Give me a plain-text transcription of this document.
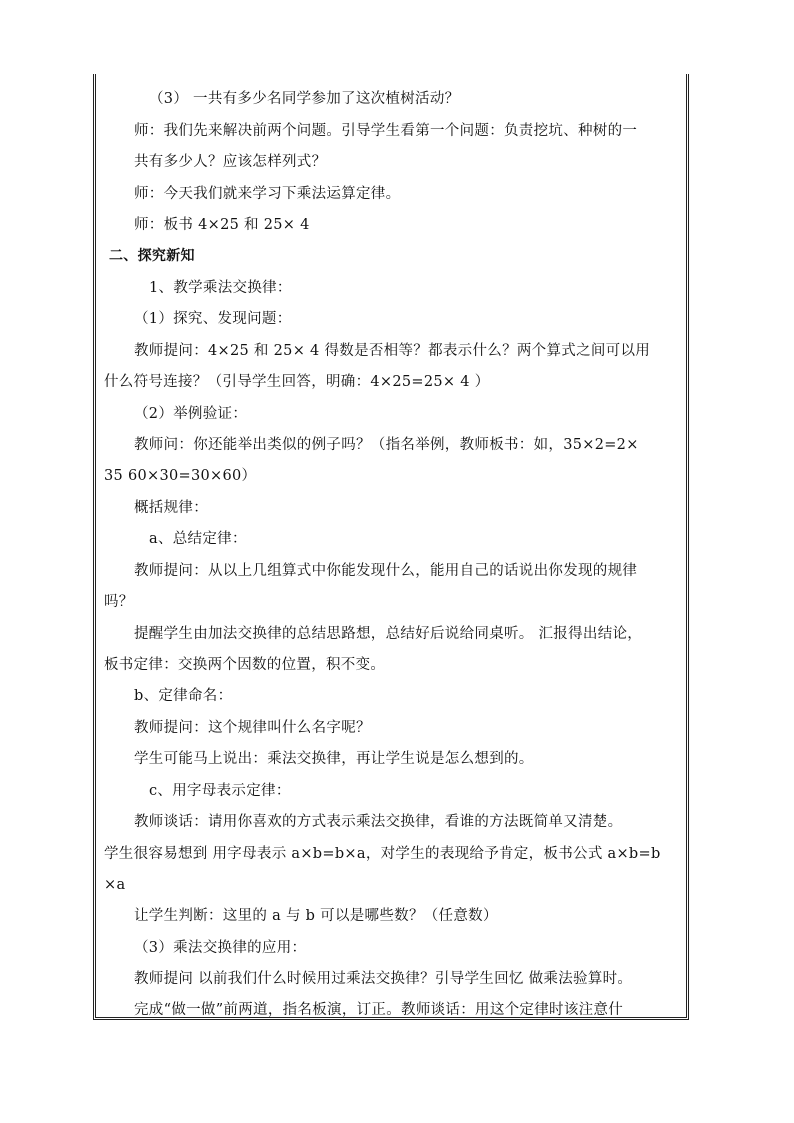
（3） 一共有多少名同学参加了这次植树活动？
师：我们先来解决前两个问题。引导学生看第一个问题：负责挖坑、种树的一
共有多少人？应该怎样列式？
师：今天我们就来学习下乘法运算定律。
师：板书 4×25 和 25× 4
二、探究新知
1、教学乘法交换律：
（1）探究、发现问题：
教师提问：4×25 和 25× 4 得数是否相等？都表示什么？两个算式之间可以用
什么符号连接？（引导学生回答，明确：4×25=25× 4 ）
（2）举例验证：
教师问：你还能举出类似的例子吗？（指名举例，教师板书：如，35×2=2×
35 60×30=30×60）
概括规律：
a、总结定律：
教师提问：从以上几组算式中你能发现什么，能用自己的话说出你发现的规律
吗？
提醒学生由加法交换律的总结思路想，总结好后说给同桌听。 汇报得出结论，
板书定律：交换两个因数的位置，积不变。
b、定律命名：
教师提问：这个规律叫什么名字呢？
学生可能马上说出：乘法交换律，再让学生说是怎么想到的。
c、用字母表示定律：
教师谈话：请用你喜欢的方式表示乘法交换律，看谁的方法既简单又清楚。
学生很容易想到 用字母表示 a×b=b×a，对学生的表现给予肯定，板书公式 a×b=b
×a
让学生判断：这里的 a 与 b 可以是哪些数？（任意数）
（3）乘法交换律的应用：
教师提问 以前我们什么时候用过乘法交换律？引导学生回忆 做乘法验算时。
完成“做一做”前两道，指名板演，订正。教师谈话：用这个定律时该注意什
